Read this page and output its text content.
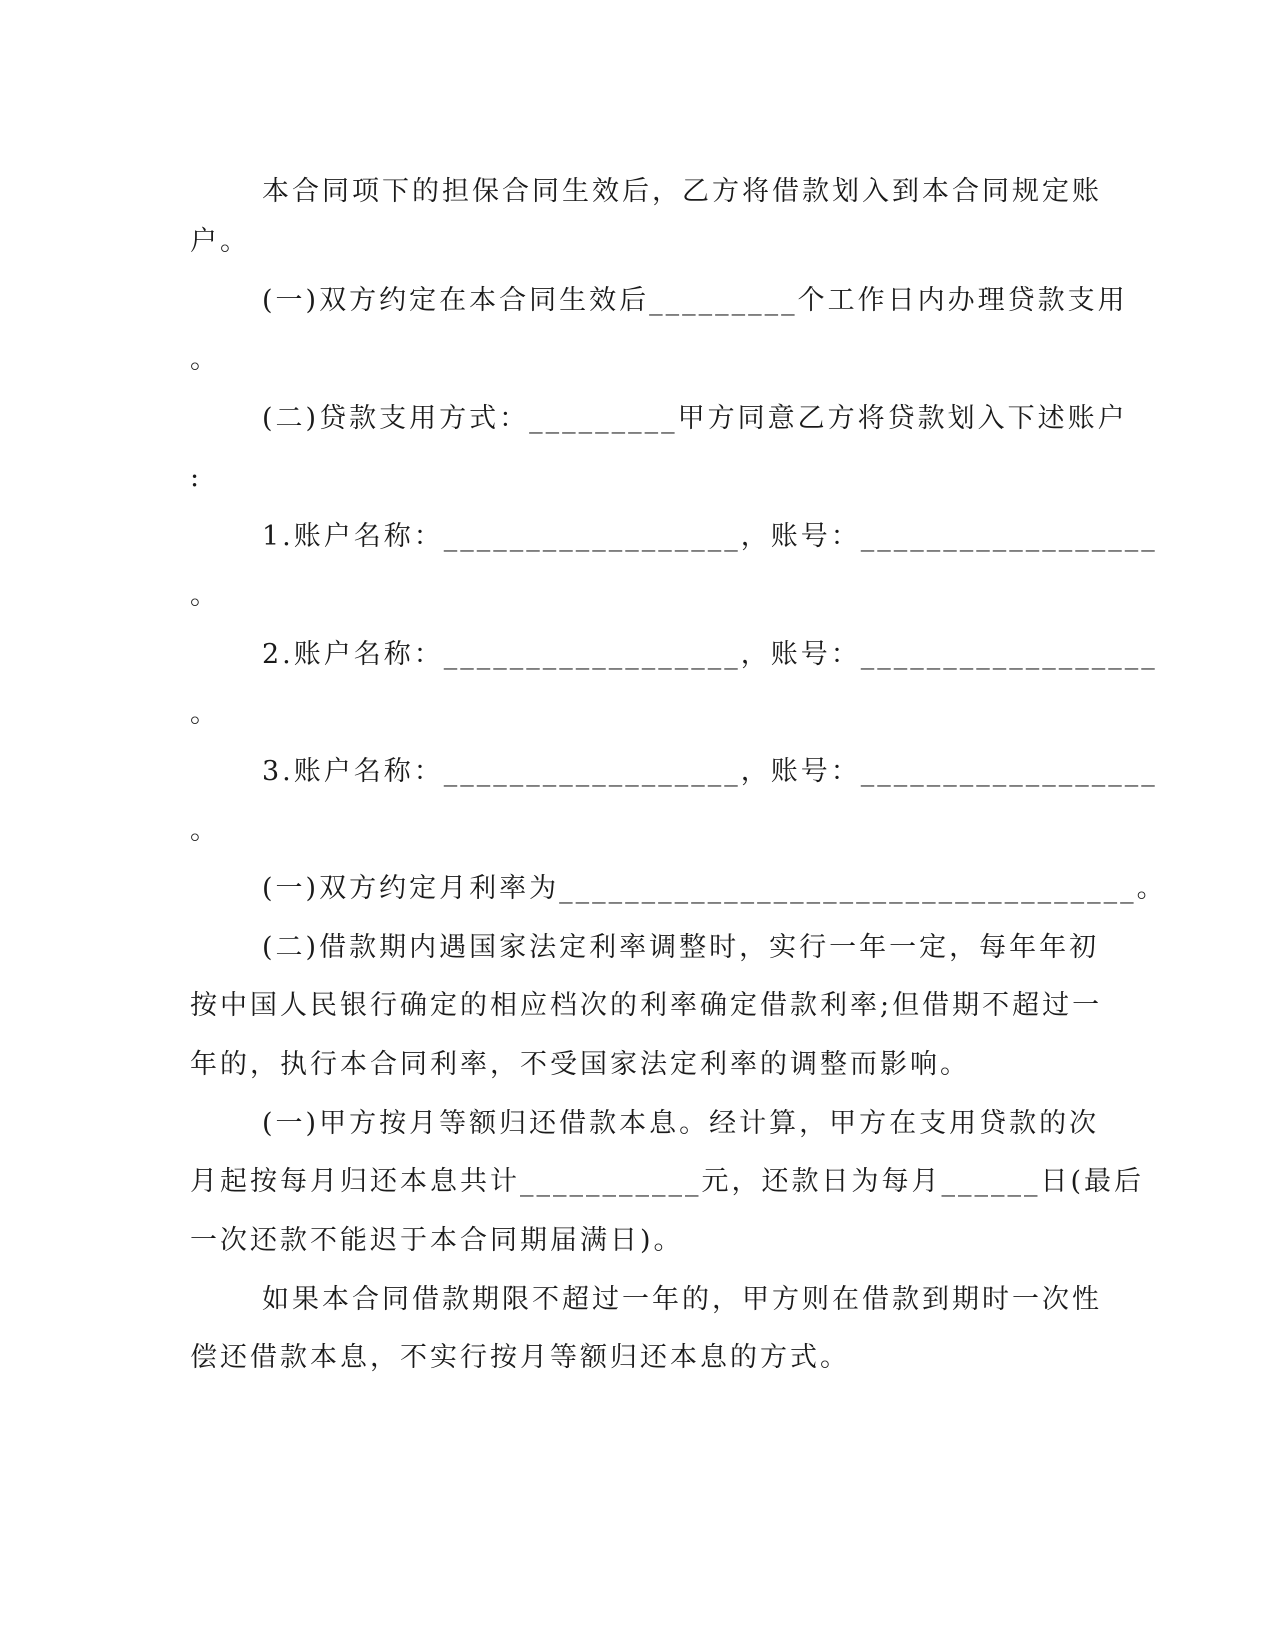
本合同项下的担保合同生效后，乙方将借款划入到本合同规定账
户。
(一)双方约定在本合同生效后_________个工作日内办理贷款支用
。
(二)贷款支用方式：_________甲方同意乙方将贷款划入下述账户
:
1.账户名称：__________________，账号：__________________
。
2.账户名称：__________________，账号：__________________
。
3.账户名称：__________________，账号：__________________
。
(一)双方约定月利率为___________________________________。
(二)借款期内遇国家法定利率调整时，实行一年一定，每年年初
按中国人民银行确定的相应档次的利率确定借款利率;但借期不超过一
年的，执行本合同利率，不受国家法定利率的调整而影响。
(一)甲方按月等额归还借款本息。经计算，甲方在支用贷款的次
月起按每月归还本息共计___________元，还款日为每月______日(最后
一次还款不能迟于本合同期届满日)。
如果本合同借款期限不超过一年的，甲方则在借款到期时一次性
偿还借款本息，不实行按月等额归还本息的方式。
